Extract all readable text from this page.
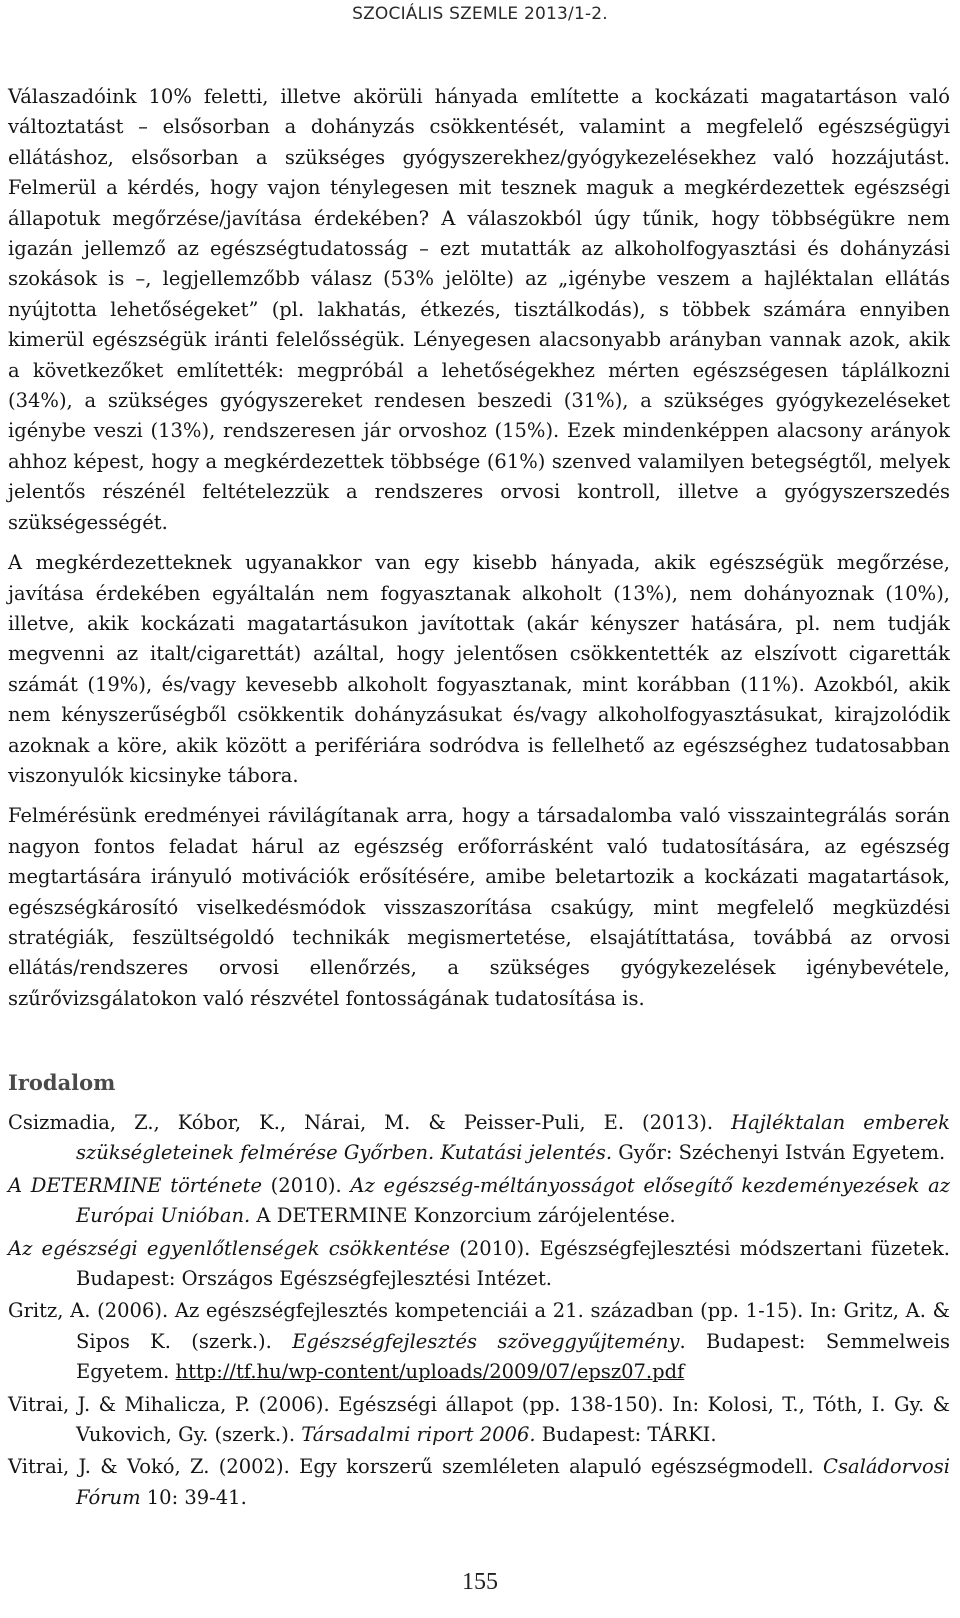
SZOCIÁLIS SZEMLE 2013/1-2.

Válaszadóink 10% feletti, illetve akörüli hányada említette a kockázati magatartáson való változtatást – elsősorban a dohányzás csökkentését, valamint a megfelelő egészségügyi ellátáshoz, elsősorban a szükséges gyógyszerekhez/gyógykezelésekhez való hozzájutást. Felmerül a kérdés, hogy vajon ténylegesen mit tesznek maguk a megkérdezettek egészségi állapotuk megőrzése/javítása érdekében? A válaszokból úgy tűnik, hogy többségükre nem igazán jellemző az egészségtudatosság – ezt mutatták az alkoholfogyasztási és dohányzási szokások is –, legjellemzőbb válasz (53% jelölte) az „igénybe veszem a hajléktalan ellátás nyújtotta lehetőségeket” (pl. lakhatás, étkezés, tisztálkodás), s többek számára ennyiben kimerül egészségük iránti felelősségük. Lényegesen alacsonyabb arányban vannak azok, akik a következőket említették: megpróbál a lehetőségekhez mérten egészségesen táplálkozni (34%), a szükséges gyógyszereket rendesen beszedi (31%), a szükséges gyógykezeléseket igénybe veszi (13%), rendszeresen jár orvoshoz (15%). Ezek mindenképpen alacsony arányok ahhoz képest, hogy a megkérdezettek többsége (61%) szenved valamilyen betegségtől, melyek jelentős részénél feltételezzük a rendszeres orvosi kontroll, illetve a gyógyszerszedés szükségességét.

A megkérdezetteknek ugyanakkor van egy kisebb hányada, akik egészségük megőrzése, javítása érdekében egyáltalán nem fogyasztanak alkoholt (13%), nem dohányoznak (10%), illetve, akik kockázati magatartásukon javítottak (akár kényszer hatására, pl. nem tudják megvenni az italt/cigarettát) azáltal, hogy jelentősen csökkentették az elszívott cigaretták számát (19%), és/vagy kevesebb alkoholt fogyasztanak, mint korábban (11%). Azokból, akik nem kényszerűségből csökkentik dohányzásukat és/vagy alkoholfogyasztásukat, kirajzolódik azoknak a köre, akik között a perifériára sodródva is fellelhető az egészséghez tudatosabban viszonyulók kicsinyke tábora.

Felmérésünk eredményei rávilágítanak arra, hogy a társadalomba való visszaintegrálás során nagyon fontos feladat hárul az egészség erőforrásként való tudatosítására, az egészség megtartására irányuló motivációk erősítésére, amibe beletartozik a kockázati magatartások, egészségkárosító viselkedésmódok visszaszorítása csakúgy, mint megfelelő megküzdési stratégiák, feszültségoldó technikák megismertetése, elsajátíttatása, továbbá az orvosi ellátás/rendszeres orvosi ellenőrzés, a szükséges gyógykezelések igénybevétele, szűrővizsgálatokon való részvétel fontosságának tudatosítása is.

Irodalom
Csizmadia, Z., Kóbor, K., Nárai, M. & Peisser-Puli, E. (2013). Hajléktalan emberek szükségleteinek felmérése Győrben. Kutatási jelentés. Győr: Széchenyi István Egyetem.
A DETERMINE története (2010). Az egészség-méltányosságot elősegítő kezdeményezések az Európai Unióban. A DETERMINE Konzorcium zárójelentése.
Az egészségi egyenlőtlenségek csökkentése (2010). Egészségfejlesztési módszertani füzetek. Budapest: Országos Egészségfejlesztési Intézet.
Gritz, A. (2006). Az egészségfejlesztés kompetenciái a 21. században (pp. 1-15). In: Gritz, A. & Sipos K. (szerk.). Egészségfejlesztés szöveggyűjtemény. Budapest: Semmelweis Egyetem. http://tf.hu/wp-content/uploads/2009/07/epsz07.pdf
Vitrai, J. & Mihalicza, P. (2006). Egészségi állapot (pp. 138-150). In: Kolosi, T., Tóth, I. Gy. & Vukovich, Gy. (szerk.). Társadalmi riport 2006. Budapest: TÁRKI.
Vitrai, J. & Vokó, Z. (2002). Egy korszerű szemléleten alapuló egészségmodell. Családorvosi Fórum 10: 39-41.
155
